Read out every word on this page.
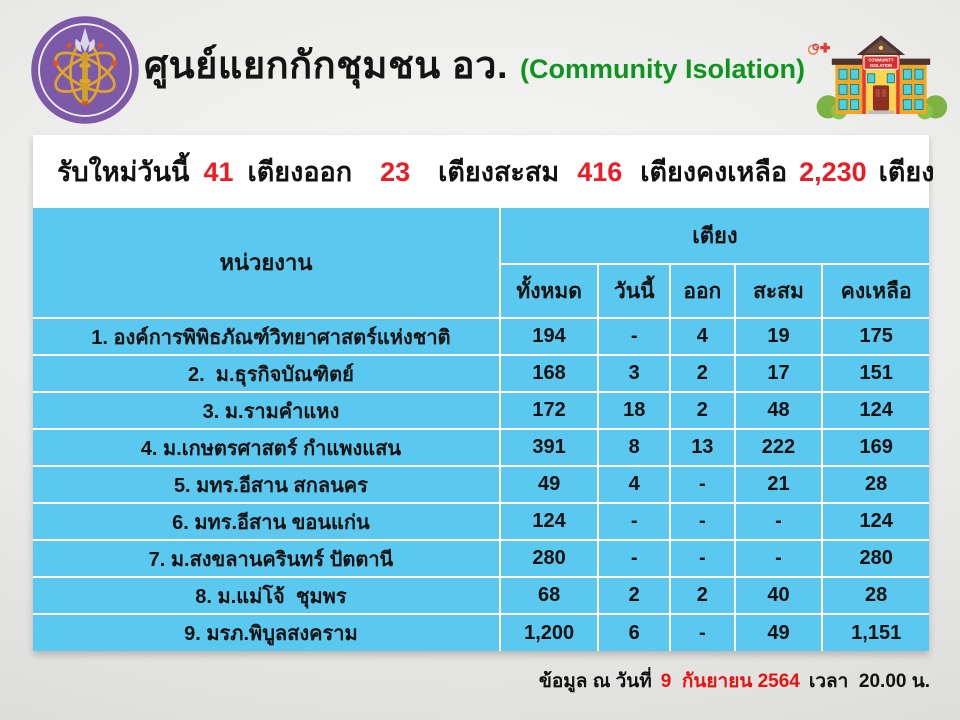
ศูนย์แยกกักชุมชน อว. (Community Isolation)	COMMUNITY
ISOLATION
รับใหม่วันนี้ 41 เตียง ออก 23 เตียง สะสม 416 เตียง คงเหลือ 2,230 เตียง
หน่วยงาน	เตียง				
	ทั้งหมด	วันนี้	ออก	สะสม	คงเหลือ
1. องค์การพิพิธภัณฑ์วิทยาศาสตร์แห่งชาติ	194	-	4	19	175
2.  ม.ธุรกิจบัณฑิตย์	168	3	2	17	151
3. ม.รามคำแหง	172	18	2	48	124
4. ม.เกษตรศาสตร์ กำแพงแสน	391	8	13	222	169
5. มทร.อีสาน สกลนคร	49	4	-	21	28
6. มทร.อีสาน ขอนแก่น	124	-	-	-	124
7. ม.สงขลานครินทร์ ปัตตานี	280	-	-	-	280
8. ม.แม่โจ้  ชุมพร	68	2	2	40	28
9. มรภ.พิบูลสงคราม	1,200	6	-	49	1,151
ข้อมูล ณ วันที่ 9  กันยายน 2564 เวลา  20.00 น.
